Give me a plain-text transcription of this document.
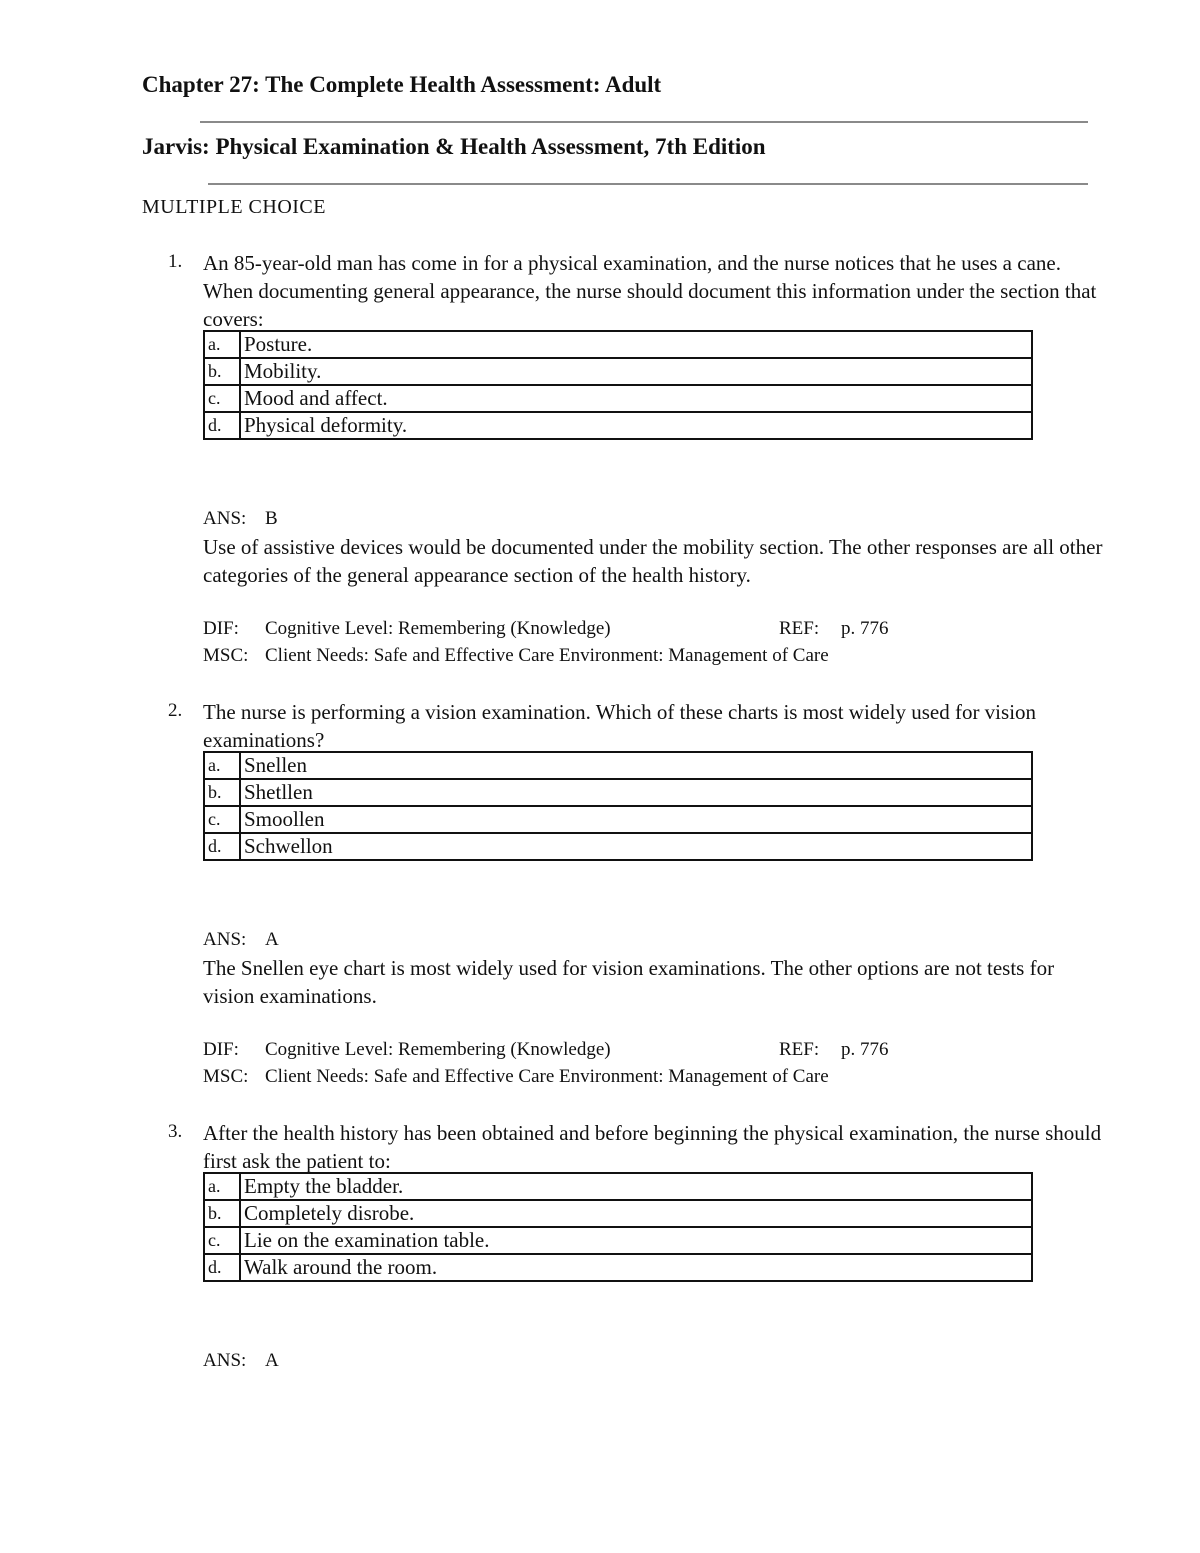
Chapter 27: The Complete Health Assessment: Adult
Jarvis: Physical Examination & Health Assessment, 7th Edition
MULTIPLE CHOICE
1. An 85-year-old man has come in for a physical examination, and the nurse notices that he uses a cane. When documenting general appearance, the nurse should document this information under the section that covers:
a.	Posture.
b.	Mobility.
c.	Mood and affect.
d.	Physical deformity.
ANS: B
Use of assistive devices would be documented under the mobility section. The other responses are all other categories of the general appearance section of the health history.
DIF: Cognitive Level: Remembering (Knowledge)	REF: p. 776
MSC: Client Needs: Safe and Effective Care Environment: Management of Care
2. The nurse is performing a vision examination. Which of these charts is most widely used for vision examinations?
a.	Snellen
b.	Shetllen
c.	Smoollen
d.	Schwellon
ANS: A
The Snellen eye chart is most widely used for vision examinations. The other options are not tests for vision examinations.
DIF: Cognitive Level: Remembering (Knowledge)	REF: p. 776
MSC: Client Needs: Safe and Effective Care Environment: Management of Care
3. After the health history has been obtained and before beginning the physical examination, the nurse should first ask the patient to:
a.	Empty the bladder.
b.	Completely disrobe.
c.	Lie on the examination table.
d.	Walk around the room.
ANS: A
